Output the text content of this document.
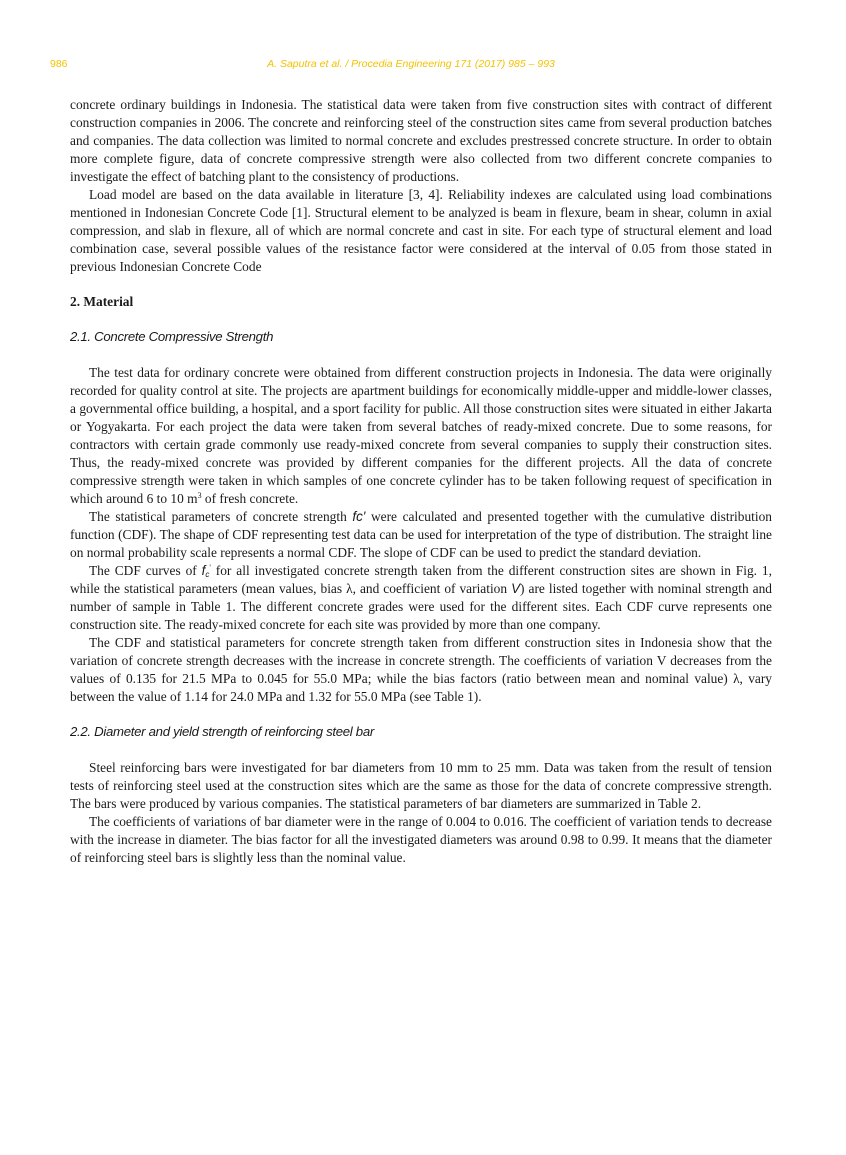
986	A. Saputra et al. / Procedia Engineering 171 (2017) 985 – 993

concrete ordinary buildings in Indonesia. The statistical data were taken from five construction sites with contract of different construction companies in 2006. The concrete and reinforcing steel of the construction sites came from several production batches and companies. The data collection was limited to normal concrete and excludes prestressed concrete structure. In order to obtain more complete figure, data of concrete compressive strength were also collected from two different concrete companies to investigate the effect of batching plant to the consistency of productions.

Load model are based on the data available in literature [3, 4]. Reliability indexes are calculated using load combinations mentioned in Indonesian Concrete Code [1]. Structural element to be analyzed is beam in flexure, beam in shear, column in axial compression, and slab in flexure, all of which are normal concrete and cast in site. For each type of structural element and load combination case, several possible values of the resistance factor were considered at the interval of 0.05 from those stated in previous Indonesian Concrete Code

2. Material
2.1. Concrete Compressive Strength

The test data for ordinary concrete were obtained from different construction projects in Indonesia. The data were originally recorded for quality control at site. The projects are apartment buildings for economically middle-upper and middle-lower classes, a governmental office building, a hospital, and a sport facility for public. All those construction sites were situated in either Jakarta or Yogyakarta. For each project the data were taken from several batches of ready-mixed concrete. Due to some reasons, for contractors with certain grade commonly use ready-mixed concrete from several companies to supply their construction sites. Thus, the ready-mixed concrete was provided by different companies for the different projects. All the data of concrete compressive strength were taken in which samples of one concrete cylinder has to be taken following request of specification in which around 6 to 10 $m^3$ of fresh concrete.

The statistical parameters of concrete strength fc' were calculated and presented together with the cumulative distribution function (CDF). The shape of CDF representing test data can be used for interpretation of the type of distribution. The straight line on normal probability scale represents a normal CDF. The slope of CDF can be used to predict the standard deviation.

The CDF curves of $f_c'$ for all investigated concrete strength taken from the different construction sites are shown in Fig. 1, while the statistical parameters (mean values, bias λ, and coefficient of variation V) are listed together with nominal strength and number of sample in Table 1. The different concrete grades were used for the different sites. Each CDF curve represents one construction site. The ready-mixed concrete for each site was provided by more than one company.

The CDF and statistical parameters for concrete strength taken from different construction sites in Indonesia show that the variation of concrete strength decreases with the increase in concrete strength. The coefficients of variation V decreases from the values of 0.135 for 21.5 MPa to 0.045 for 55.0 MPa; while the bias factors (ratio between mean and nominal value) λ, vary between the value of 1.14 for 24.0 MPa and 1.32 for 55.0 MPa (see Table 1).

2.2. Diameter and yield strength of reinforcing steel bar

Steel reinforcing bars were investigated for bar diameters from 10 mm to 25 mm. Data was taken from the result of tension tests of reinforcing steel used at the construction sites which are the same as those for the data of concrete compressive strength. The bars were produced by various companies. The statistical parameters of bar diameters are summarized in Table 2.

The coefficients of variations of bar diameter were in the range of 0.004 to 0.016. The coefficient of variation tends to decrease with the increase in diameter. The bias factor for all the investigated diameters was around 0.98 to 0.99. It means that the diameter of reinforcing steel bars is slightly less than the nominal value.
